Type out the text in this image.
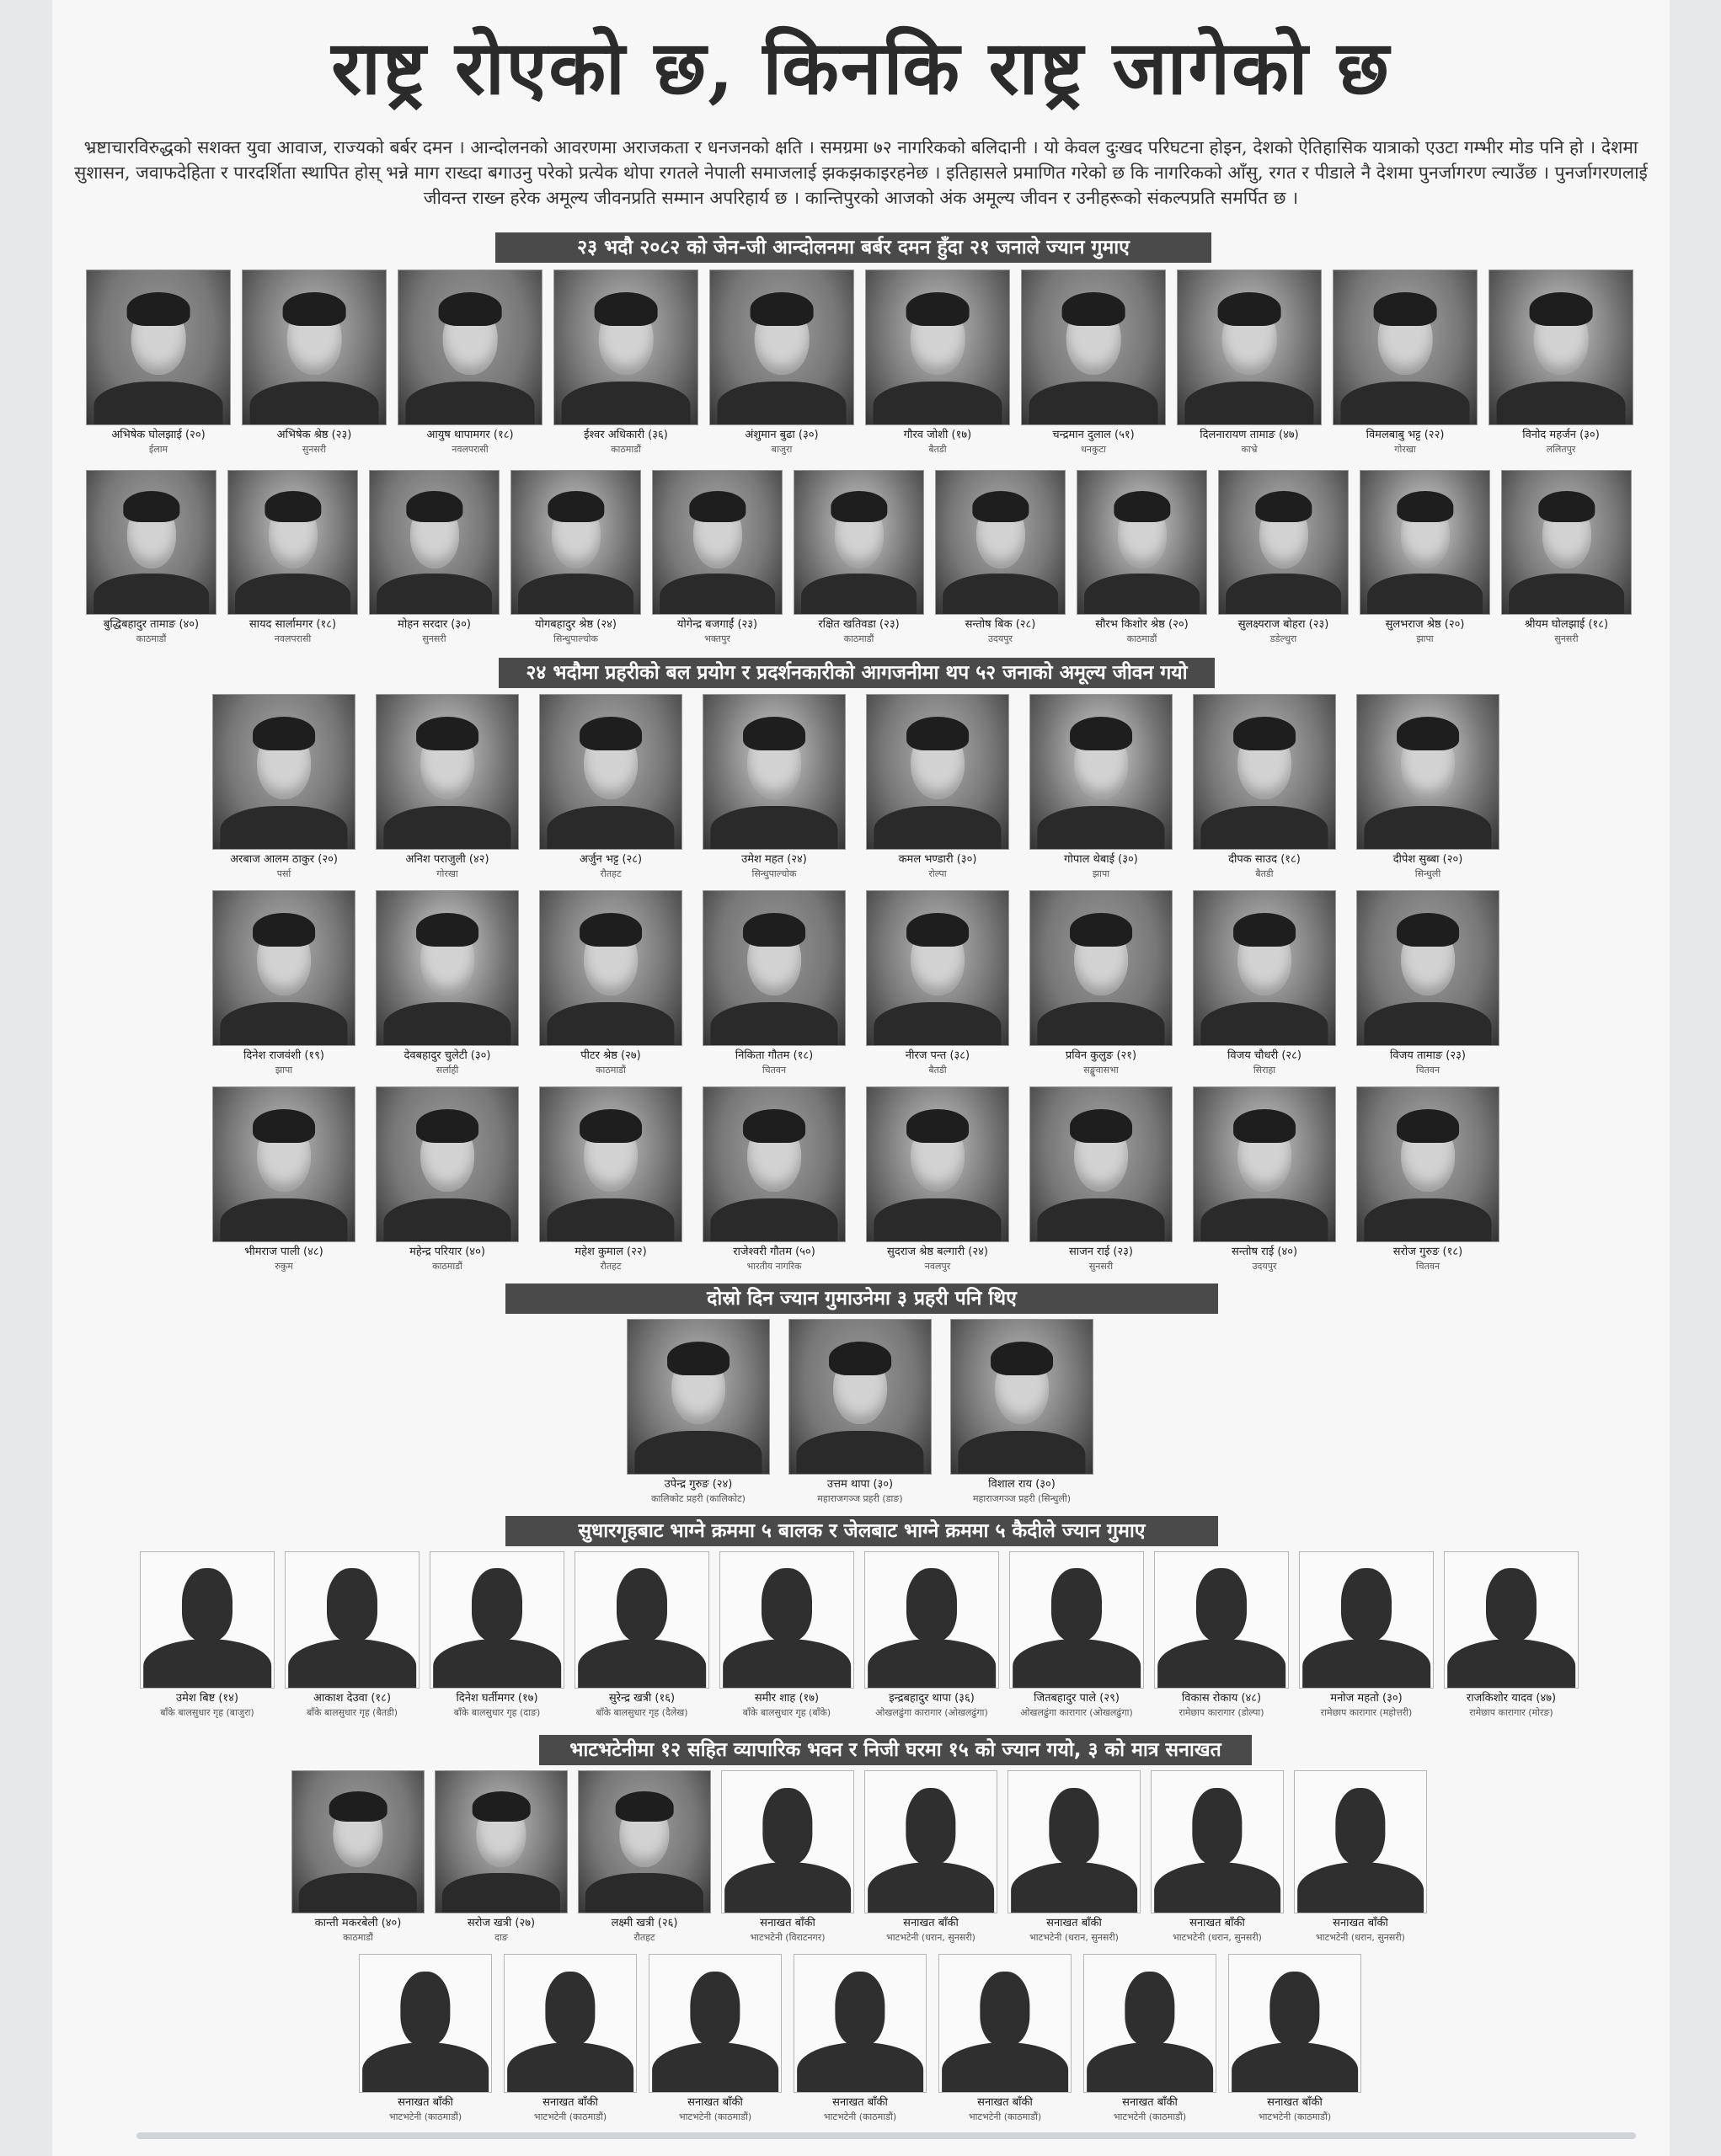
राष्ट्र रोएको छ, किनकि राष्ट्र जागेको छ
भ्रष्टाचारविरुद्धको सशक्त युवा आवाज, राज्यको बर्बर दमन । आन्दोलनको आवरणमा अराजकता र धनजनको क्षति । समग्रमा ७२ नागरिकको बलिदानी । यो केवल दुःखद परिघटना होइन, देशको ऐतिहासिक यात्राको एउटा गम्भीर मोड पनि हो । देशमा सुशासन, जवाफदेहिता र पारदर्शिता स्थापित होस् भन्ने माग राख्दा बगाउनु परेको प्रत्येक थोपा रगतले नेपाली समाजलाई झकझकाइरहनेछ । इतिहासले प्रमाणित गरेको छ कि नागरिकको आँसु, रगत र पीडाले नै देशमा पुनर्जागरण ल्याउँछ । पुनर्जागरणलाई जीवन्त राख्न हरेक अमूल्य जीवनप्रति सम्मान अपरिहार्य छ । कान्तिपुरको आजको अंक अमूल्य जीवन र उनीहरूको संकल्पप्रति समर्पित छ ।
२३ भदौ २०८२ को जेन-जी आन्दोलनमा बर्बर दमन हुँदा २१ जनाले ज्यान गुमाए
अभिषेक घोलझाई (२०)
ईलाम
अभिषेक श्रेष्ठ (२३)
सुनसरी
आयुष थापामगर (१८)
नवलपरासी
ईश्वर अधिकारी (३६)
काठमाडौं
अंशुमान बुढा (३०)
बाजुरा
गौरव जोशी (१७)
बैतडी
चन्द्रमान दुलाल (५१)
धनकुटा
दिलनारायण तामाङ (४७)
काभ्रे
विमलबाबु भट्ट (२२)
गोरखा
विनोद महर्जन (३०)
ललितपुर
बुद्धिबहादुर तामाङ (४०)
काठमाडौं
सायद सार्लामगर (१८)
नवलपरासी
मोहन सरदार (३०)
सुनसरी
योगबहादुर श्रेष्ठ (२४)
सिन्धुपाल्चोक
योगेन्द्र बजगाईं (२३)
भक्तपुर
रक्षित खतिवडा (२३)
काठमाडौं
सन्तोष बिक (२८)
उदयपुर
सौरभ किशोर श्रेष्ठ (२०)
काठमाडौं
सुलक्ष्यराज बोहरा (२३)
डडेल्धुरा
सुलभराज श्रेष्ठ (२०)
झापा
श्रीयम घोलझाई (१८)
सुनसरी
२४ भदौमा प्रहरीको बल प्रयोग र प्रदर्शनकारीको आगजनीमा थप ५२ जनाको अमूल्य जीवन गयो
अरबाज आलम ठाकुर (२०)
पर्सा
अनिश पराजुली (४२)
गोरखा
अर्जुन भट्ट (२८)
रौतहट
उमेश महत (२४)
सिन्धुपाल्चोक
कमल भण्डारी (३०)
रोल्पा
गोपाल थेबाई (३०)
झापा
दीपक साउद (१८)
बैतडी
दीपेश सुब्बा (२०)
सिन्धुली
दिनेश राजवंशी (१९)
झापा
देवबहादुर चुलेटी (३०)
सर्लाही
पीटर श्रेष्ठ (२७)
काठमाडौं
निकिता गौतम (१८)
चितवन
नीरज पन्त (३८)
बैतडी
प्रविन कुलुङ (२१)
सङ्खुवासभा
विजय चौधरी (२८)
सिराहा
विजय तामाङ (२३)
चितवन
भीमराज पाली (४८)
रुकुम
महेन्द्र परियार (४०)
काठमाडौं
महेश कुमाल (२२)
रौतहट
राजेश्वरी गौतम (५०)
भारतीय नागरिक
सुदराज श्रेष्ठ बल्गारी (२४)
नवलपुर
साजन राई (२३)
सुनसरी
सन्तोष राई (४०)
उदयपुर
सरोज गुरुङ (१८)
चितवन
दोस्रो दिन ज्यान गुमाउनेमा ३ प्रहरी पनि थिए
उपेन्द्र गुरुङ (२४)
कालिकोट प्रहरी (कालिकोट)
उत्तम थापा (३०)
महाराजगञ्ज प्रहरी (डाङ)
विशाल राय (३०)
महाराजगञ्ज प्रहरी (सिन्धुली)
सुधारगृहबाट भाग्ने क्रममा ५ बालक र जेलबाट भाग्ने क्रममा ५ कैदीले ज्यान गुमाए
उमेश बिष्ट (१४)
बाँके बालसुधार गृह (बाजुरा)
आकाश देउवा (१८)
बाँके बालसुधार गृह (बैतडी)
दिनेश घर्तीमगर (१७)
बाँके बालसुधार गृह (दाङ)
सुरेन्द्र खत्री (१६)
बाँके बालसुधार गृह (दैलेख)
समीर शाह (१७)
बाँके बालसुधार गृह (बाँके)
इन्द्रबहादुर थापा (३६)
ओखलढुंगा कारागार (ओखलढुंगा)
जितबहादुर पाले (२९)
ओखलढुंगा कारागार (ओखलढुंगा)
विकास रोकाय (४८)
रामेछाप कारागार (डोल्पा)
मनोज महतो (३०)
रामेछाप कारागार (महोत्तरी)
राजकिशोर यादव (४७)
रामेछाप कारागार (मोरङ)
भाटभटेनीमा १२ सहित व्यापारिक भवन र निजी घरमा १५ को ज्यान गयो, ३ को मात्र सनाखत
कान्ती मकरबेली (४०)
काठमाडौं
सरोज खत्री (२७)
दाङ
लक्ष्मी खत्री (२६)
रौतहट
सनाखत बाँकी
भाटभटेनी (विराटनगर)
सनाखत बाँकी
भाटभटेनी (धरान, सुनसरी)
सनाखत बाँकी
भाटभटेनी (धरान, सुनसरी)
सनाखत बाँकी
भाटभटेनी (धरान, सुनसरी)
सनाखत बाँकी
भाटभटेनी (धरान, सुनसरी)
सनाखत बाँकी
भाटभटेनी (काठमाडौं)
सनाखत बाँकी
भाटभटेनी (काठमाडौं)
सनाखत बाँकी
भाटभटेनी (काठमाडौं)
सनाखत बाँकी
भाटभटेनी (काठमाडौं)
सनाखत बाँकी
भाटभटेनी (काठमाडौं)
सनाखत बाँकी
भाटभटेनी (काठमाडौं)
सनाखत बाँकी
भाटभटेनी (काठमाडौं)
